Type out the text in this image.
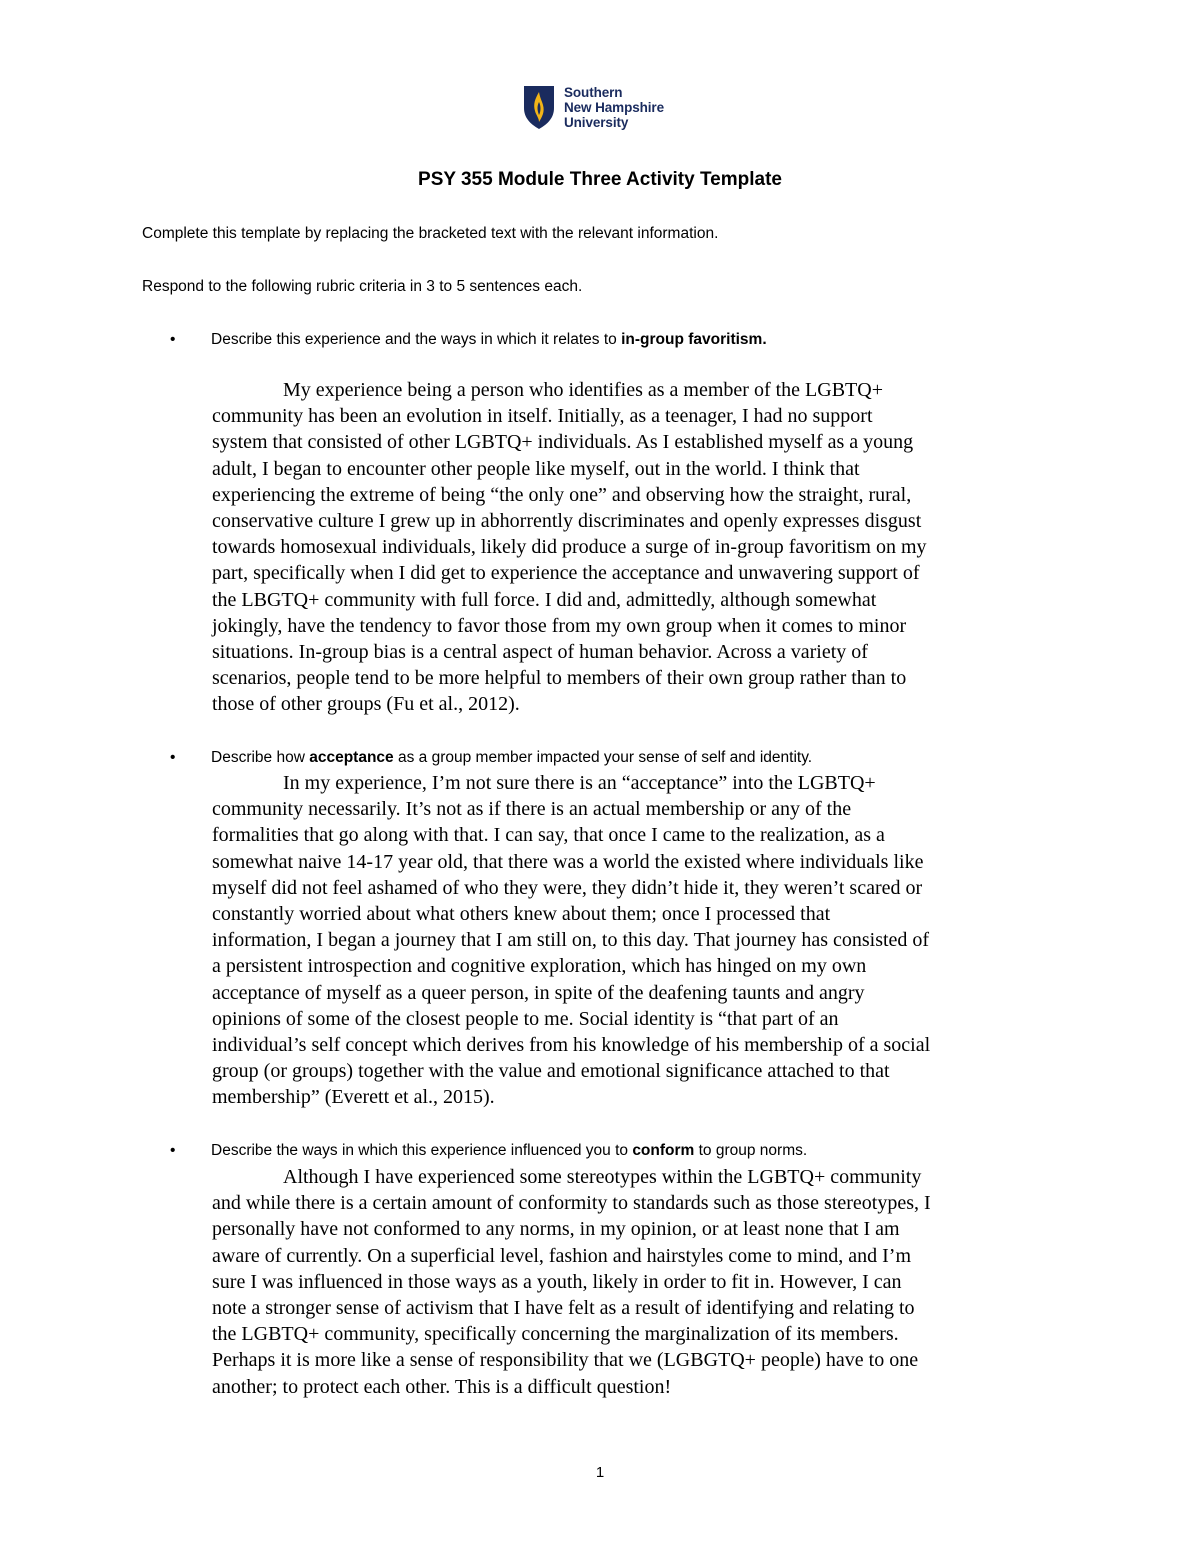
Southern
New Hampshire
University
PSY 355 Module Three Activity Template
Complete this template by replacing the bracketed text with the relevant information.
Respond to the following rubric criteria in 3 to 5 sentences each.
•	Describe this experience and the ways in which it relates to in-group favoritism.
My experience being a person who identifies as a member of the LGBTQ+
community has been an evolution in itself. Initially, as a teenager, I had no support
system that consisted of other LGBTQ+ individuals. As I established myself as a young
adult, I began to encounter other people like myself, out in the world. I think that
experiencing the extreme of being “the only one” and observing how the straight, rural,
conservative culture I grew up in abhorrently discriminates and openly expresses disgust
towards homosexual individuals, likely did produce a surge of in-group favoritism on my
part, specifically when I did get to experience the acceptance and unwavering support of
the LBGTQ+ community with full force. I did and, admittedly, although somewhat
jokingly, have the tendency to favor those from my own group when it comes to minor
situations. In-group bias is a central aspect of human behavior. Across a variety of
scenarios, people tend to be more helpful to members of their own group rather than to
those of other groups (Fu et al., 2012).
•	Describe how acceptance as a group member impacted your sense of self and identity.
In my experience, I’m not sure there is an “acceptance” into the LGBTQ+
community necessarily. It’s not as if there is an actual membership or any of the
formalities that go along with that. I can say, that once I came to the realization, as a
somewhat naive 14-17 year old, that there was a world the existed where individuals like
myself did not feel ashamed of who they were, they didn’t hide it, they weren’t scared or
constantly worried about what others knew about them; once I processed that
information, I began a journey that I am still on, to this day. That journey has consisted of
a persistent introspection and cognitive exploration, which has hinged on my own
acceptance of myself as a queer person, in spite of the deafening taunts and angry
opinions of some of the closest people to me. Social identity is “that part of an
individual’s self concept which derives from his knowledge of his membership of a social
group (or groups) together with the value and emotional significance attached to that
membership” (Everett et al., 2015).
•	Describe the ways in which this experience influenced you to conform to group norms.
Although I have experienced some stereotypes within the LGBTQ+ community
and while there is a certain amount of conformity to standards such as those stereotypes, I
personally have not conformed to any norms, in my opinion, or at least none that I am
aware of currently. On a superficial level, fashion and hairstyles come to mind, and I’m
sure I was influenced in those ways as a youth, likely in order to fit in. However, I can
note a stronger sense of activism that I have felt as a result of identifying and relating to
the LGBTQ+ community, specifically concerning the marginalization of its members.
Perhaps it is more like a sense of responsibility that we (LGBGTQ+ people) have to one
another; to protect each other. This is a difficult question!
1
